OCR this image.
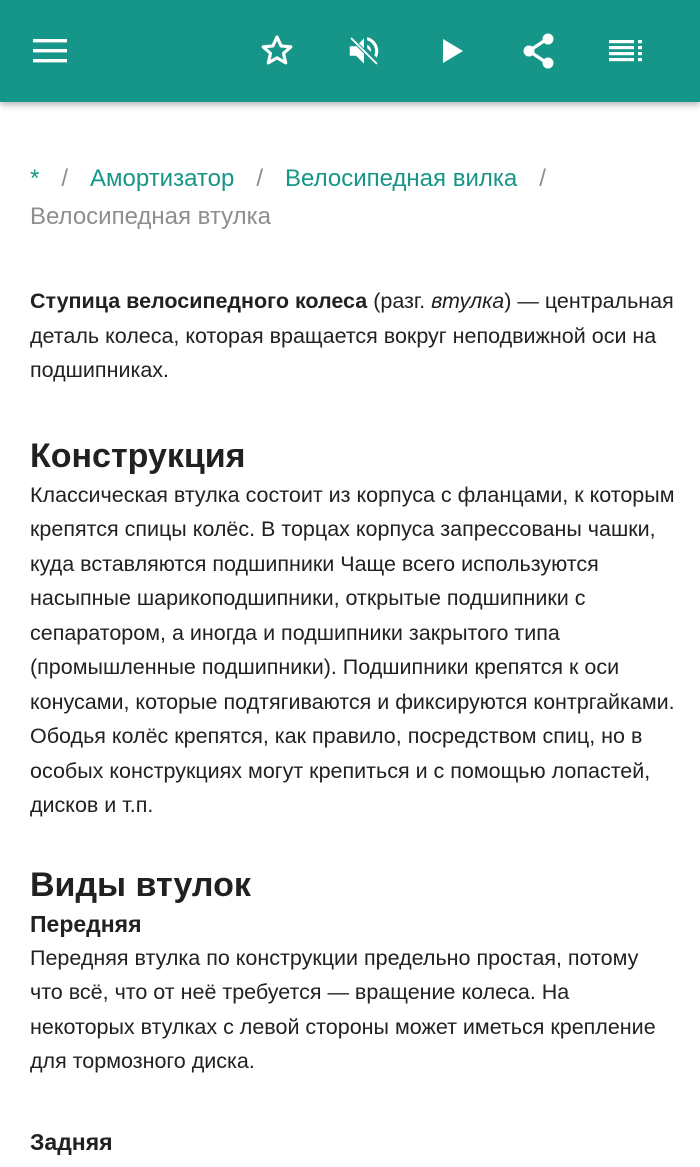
* / Амортизатор / Велосипедная вилка /
Велосипедная втулка
Ступица велосипедного колеса (разг. втулка) — центральная деталь колеса, которая вращается вокруг неподвижной оси на подшипниках.
Конструкция
Классическая втулка состоит из корпуса с фланцами, к которым крепятся спицы колёс. В торцах корпуса запрессованы чашки, куда вставляются подшипники Чаще всего используются насыпные шарикоподшипники, открытые подшипники с сепаратором, а иногда и подшипники закрытого типа (промышленные подшипники). Подшипники крепятся к оси конусами, которые подтягиваются и фиксируются контргайками. Ободья колёс крепятся, как правило, посредством спиц, но в особых конструкциях могут крепиться и с помощью лопастей, дисков и т.п.
Виды втулок
Передняя
Передняя втулка по конструкции предельно простая, потому что всё, что от неё требуется — вращение колеса. На некоторых втулках с левой стороны может иметься крепление для тормозного диска.
Задняя
